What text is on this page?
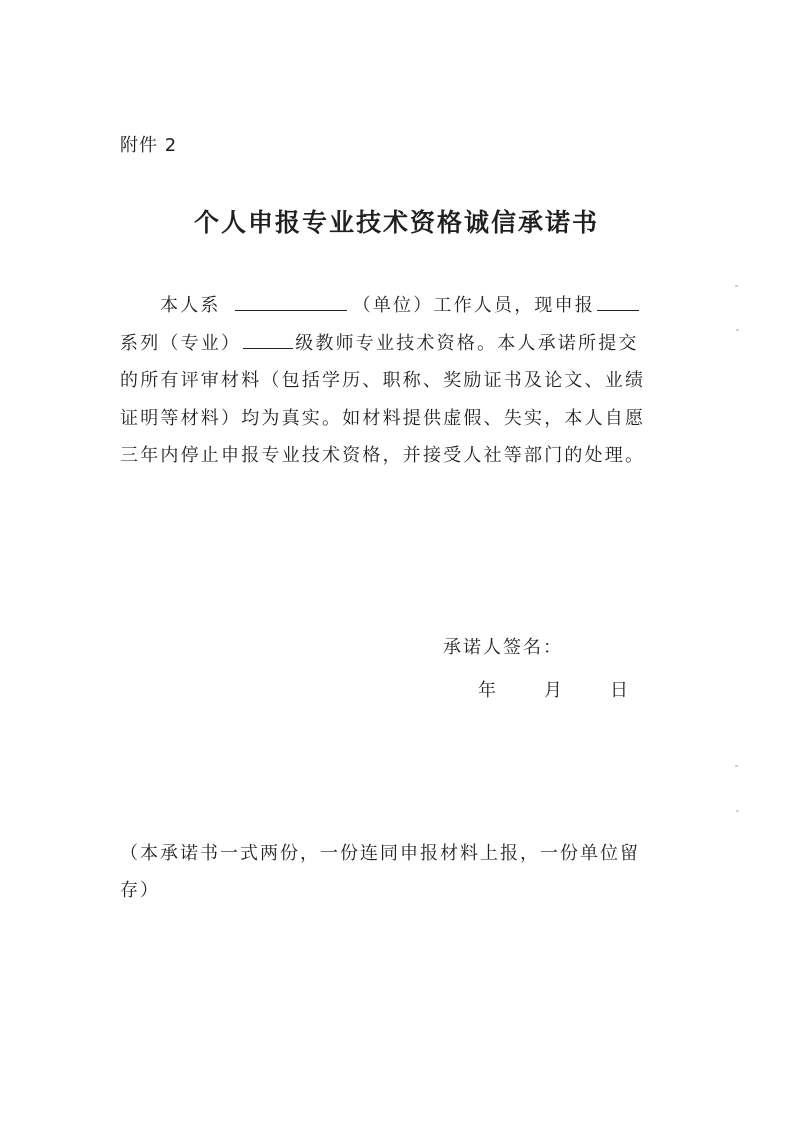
附件 2
个人申报专业技术资格诚信承诺书
本人系	（单位）工作人员，现申报
系列（专业）	级教师专业技术资格。本人承诺所提交
的所有评审材料（包括学历、职称、奖励证书及论文、业绩
证明等材料）均为真实。如材料提供虚假、失实，本人自愿
三年内停止申报专业技术资格，并接受人社等部门的处理。
承诺人签名：
年	月	日
（本承诺书一式两份，一份连同申报材料上报，一份单位留
存）
